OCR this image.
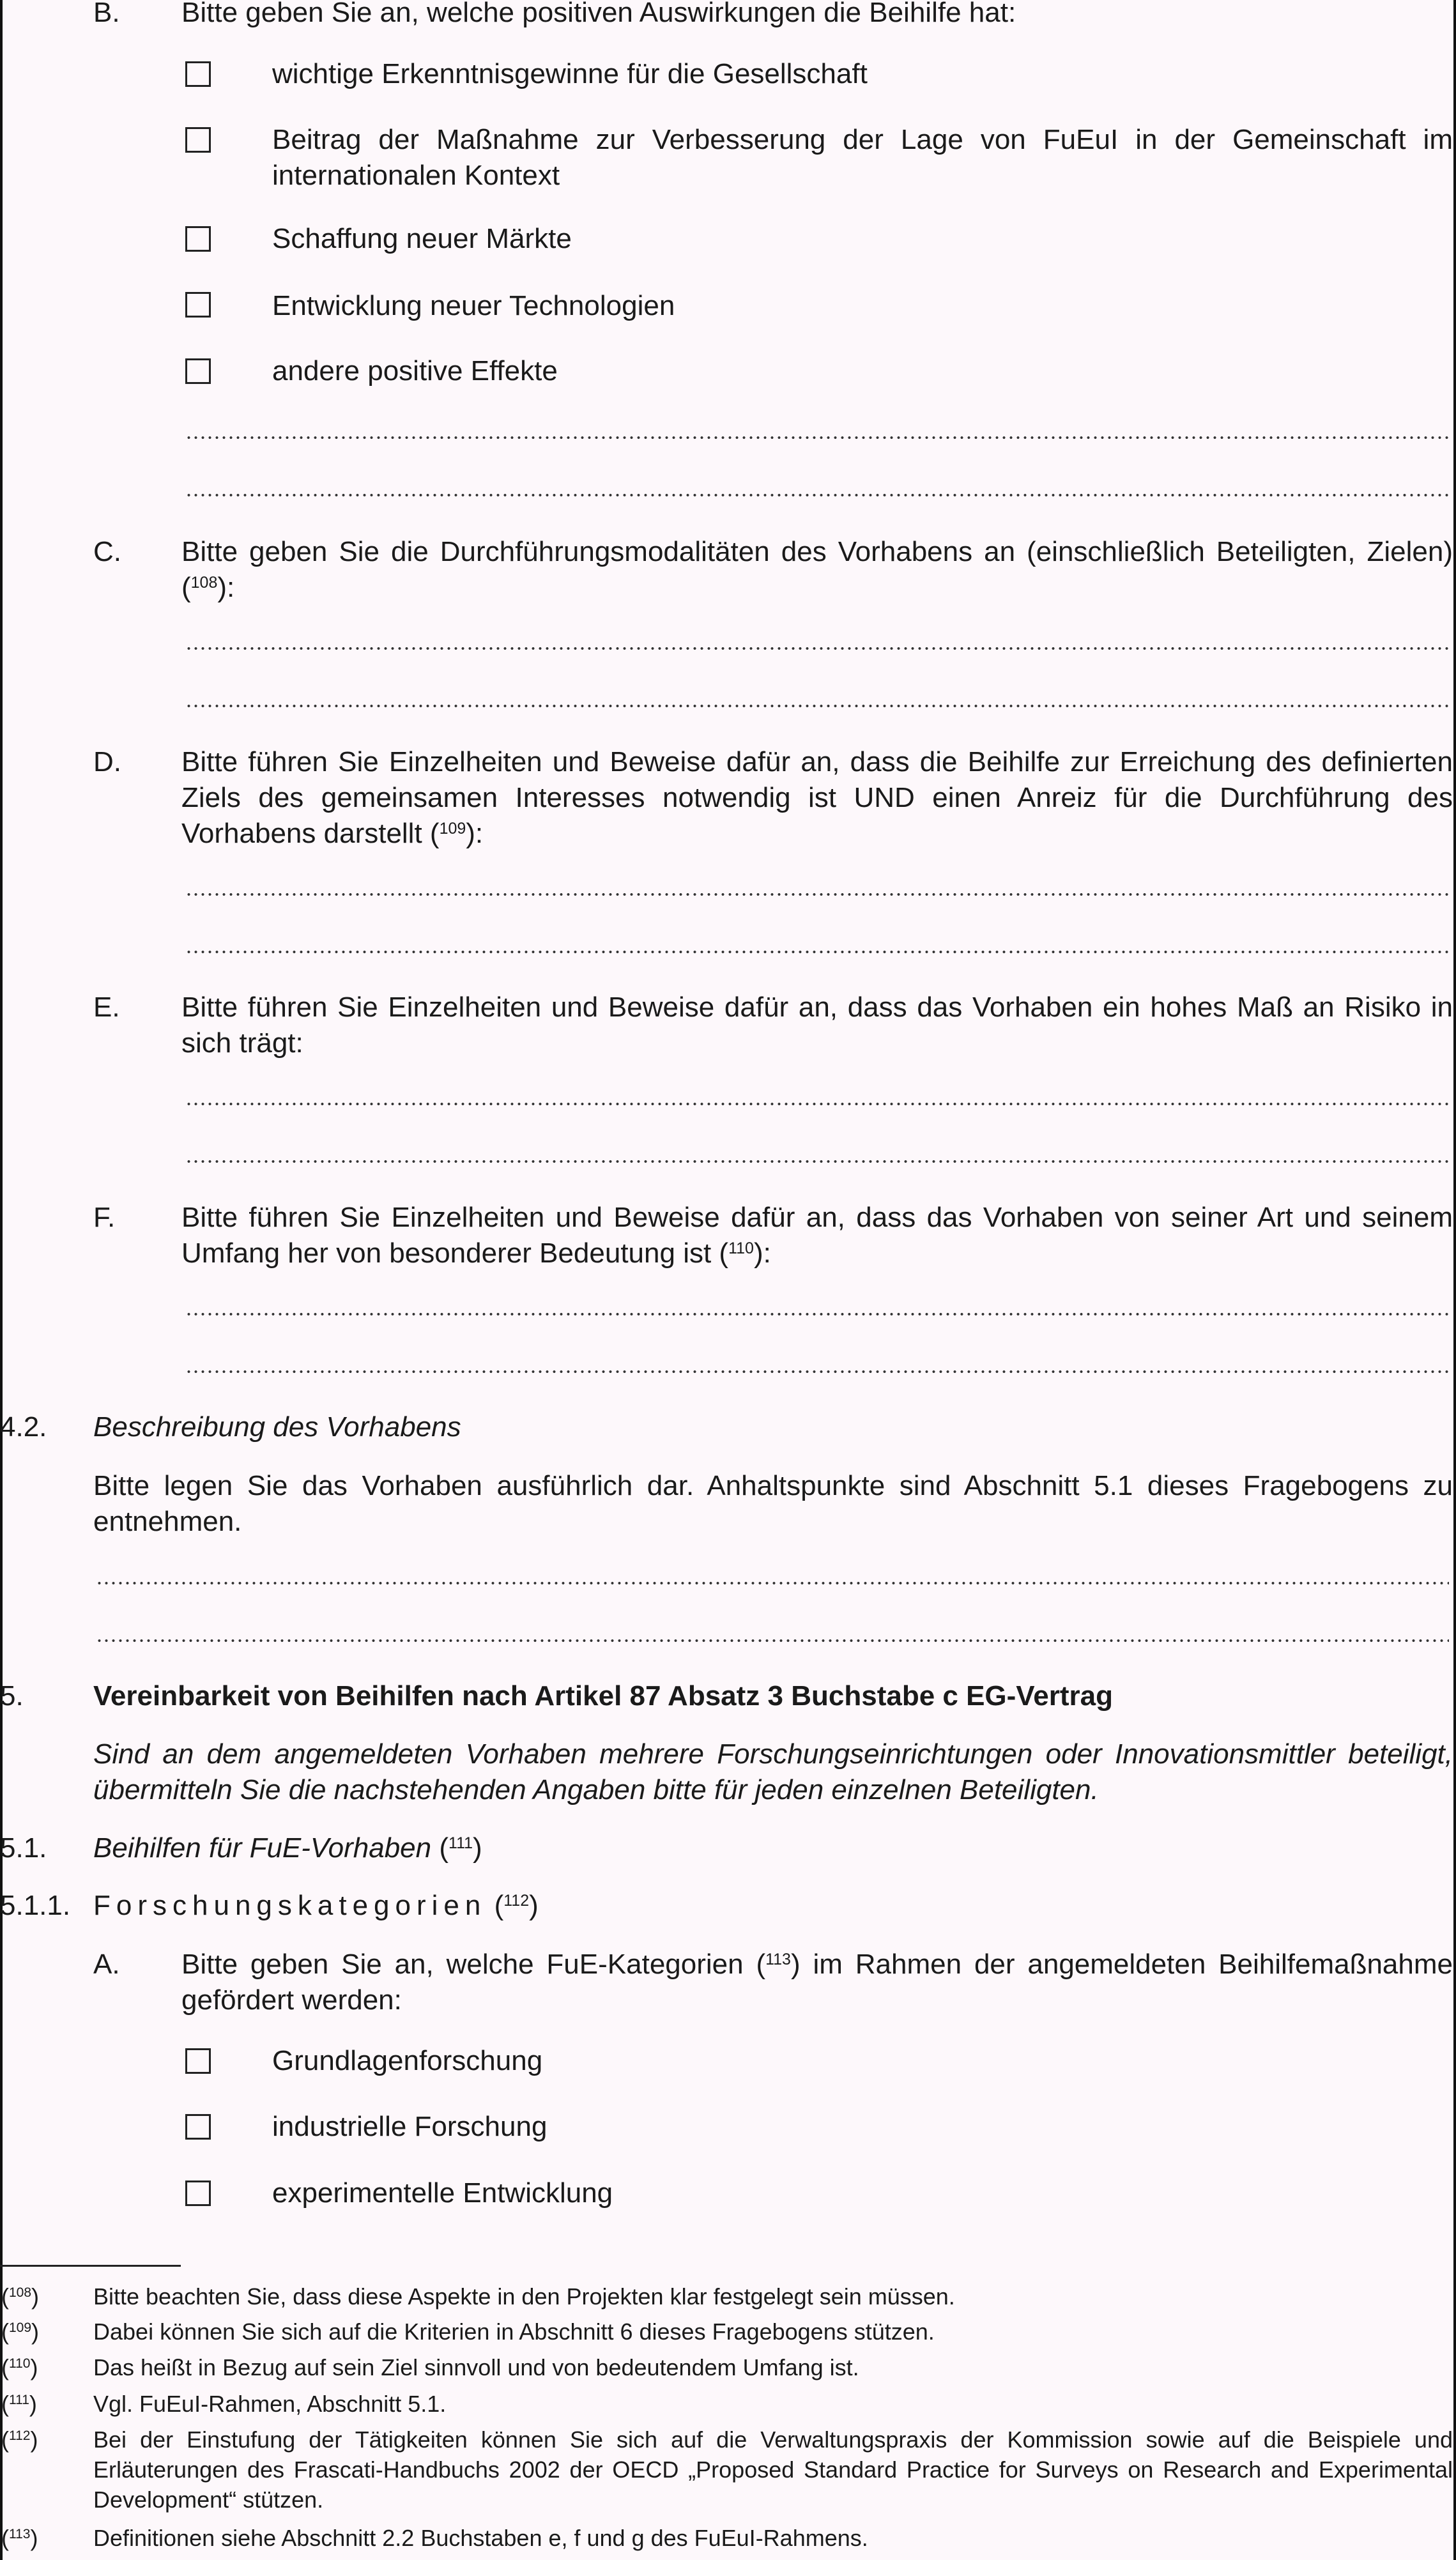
B. Bitte geben Sie an, welche positiven Auswirkungen die Beihilfe hat:
wichtige Erkenntnisgewinne für die Gesellschaft
Beitrag der Maßnahme zur Verbesserung der Lage von FuEuI in der Gemeinschaft im internationalen Kontext
Schaffung neuer Märkte
Entwicklung neuer Technologien
andere positive Effekte
C. Bitte geben Sie die Durchführungsmodalitäten des Vorhabens an (einschließlich Beteiligten, Zielen) ($^{108}$):
D. Bitte führen Sie Einzelheiten und Beweise dafür an, dass die Beihilfe zur Erreichung des definierten Ziels des gemeinsamen Interesses notwendig ist UND einen Anreiz für die Durchführung des Vorhabens darstellt ($^{109}$):
E. Bitte führen Sie Einzelheiten und Beweise dafür an, dass das Vorhaben ein hohes Maß an Risiko in sich trägt:
F. Bitte führen Sie Einzelheiten und Beweise dafür an, dass das Vorhaben von seiner Art und seinem Umfang her von besonderer Bedeutung ist ($^{110}$):
4.2. Beschreibung des Vorhabens
Bitte legen Sie das Vorhaben ausführlich dar. Anhaltspunkte sind Abschnitt 5.1 dieses Fragebogens zu entnehmen.
5. Vereinbarkeit von Beihilfen nach Artikel 87 Absatz 3 Buchstabe c EG-Vertrag
Sind an dem angemeldeten Vorhaben mehrere Forschungseinrichtungen oder Innovationsmittler beteiligt, übermitteln Sie die nachstehenden Angaben bitte für jeden einzelnen Beteiligten.
5.1. Beihilfen für FuE-Vorhaben ($^{111}$)
5.1.1. Forschungskategorien ($^{112}$)
A. Bitte geben Sie an, welche FuE-Kategorien ($^{113}$) im Rahmen der angemeldeten Beihilfemaßnahme gefördert werden:
Grundlagenforschung
industrielle Forschung
experimentelle Entwicklung
($^{108}$) Bitte beachten Sie, dass diese Aspekte in den Projekten klar festgelegt sein müssen.
($^{109}$) Dabei können Sie sich auf die Kriterien in Abschnitt 6 dieses Fragebogens stützen.
($^{110}$) Das heißt in Bezug auf sein Ziel sinnvoll und von bedeutendem Umfang ist.
($^{111}$) Vgl. FuEuI-Rahmen, Abschnitt 5.1.
($^{112}$) Bei der Einstufung der Tätigkeiten können Sie sich auf die Verwaltungspraxis der Kommission sowie auf die Beispiele und Erläuterungen des Frascati-Handbuchs 2002 der OECD „Proposed Standard Practice for Surveys on Research and Experimental Development“ stützen.
($^{113}$) Definitionen siehe Abschnitt 2.2 Buchstaben e, f und g des FuEuI-Rahmens.
